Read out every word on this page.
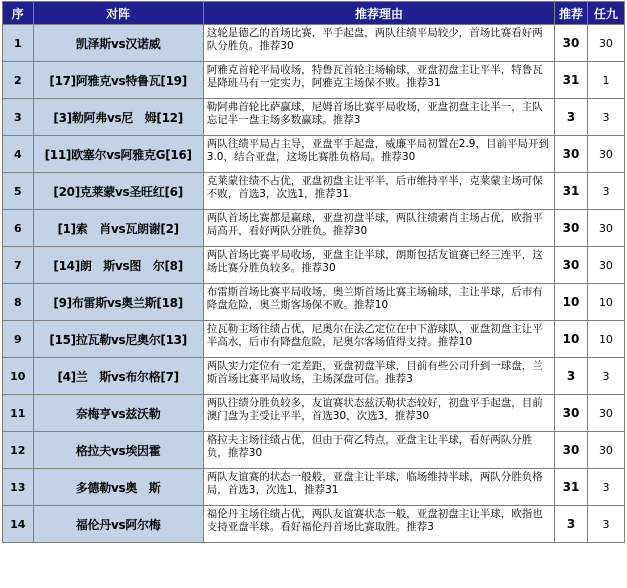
序	对阵	推荐理由	推荐	任九
1	凯泽斯vs汉诺威	这轮是德乙的首场比赛，平手起盘，两队往绩平局较少，首场比赛看好两队分胜负。推荐30	30	30
2	[17]阿雅克vs特鲁瓦[19]	阿雅克首轮平局收场，特鲁瓦首轮主场输球，亚盘初盘主让平半，特鲁瓦是降班马有一定实力，阿雅克主场保不败。推荐31	31	1
3	[3]勒阿弗vs尼　姆[12]	勒阿弗首轮比萨赢球，尼姆首场比赛平局收场，亚盘初盘主让半一，主队忘记半一盘主场多数赢球。推荐3	3	3
4	[11]欧塞尔vs阿雅克G[16]	两队往绩平局占主导，亚盘平手起盘，威廉平局初置在2.9，目前平局开到3.0，结合亚盘，这场比赛胜负格局。推荐30	30	30
5	[20]克莱蒙vs圣旺红[6]	克莱蒙往绩不占优，亚盘初盘主让平半，后市维持平半，克莱蒙主场可保不败，首选3，次选1，推荐31	31	3
6	[1]索　肖vs瓦朗谢[2]	两队首场比赛都是赢球，亚盘初盘半球，两队往绩索肖主场占优，欧指平局高开，看好两队分胜负。推荐30	30	30
7	[14]朗　斯vs图　尔[8]	两队首场比赛平局收场，亚盘主让半球，朗斯包括友谊赛已经三连平，这场比赛分胜负较多。推荐30	30	30
8	[9]布雷斯vs奥兰斯[18]	布雷斯首场比赛平局收场，奥兰斯首场比赛主场输球，主让半球，后市有降盘危险，奥兰斯客场保不败。推荐10	10	10
9	[15]拉瓦勒vs尼奥尔[13]	拉瓦勒主场往绩占优，尼奥尔在法乙定位在中下游球队，亚盘初盘主让平半高水，后市有降盘危险，尼奥尔客场值得支持。推荐10	10	10
10	[4]兰　斯vs布尔格[7]	两队实力定位有一定差距，亚盘初盘半球，目前有些公司升到一球盘，兰斯首场比赛平局收场，主场深盘可信。推荐3	3	3
11	奈梅亨vs兹沃勒	两队往绩分胜负较多，友谊赛状态兹沃勒状态较好，初盘平手起盘，目前澳门盘为主受让平半，首选30，次选3，推荐30	30	30
12	格拉夫vs埃因霍	格拉夫主场往绩占优，但由于荷乙特点，亚盘主让半球，看好两队分胜负，推荐30	30	30
13	多德勒vs奥　斯	两队友谊赛的状态一般般，亚盘主让半球，临场维持半球，两队分胜负格局，首选3，次选1，推荐31	31	3
14	福伦丹vs阿尔梅	福伦丹主场往绩占优，两队友谊赛状态一般，亚盘初盘主让半球，欧指也支持亚盘半球。看好福伦丹首场比赛取胜。推荐3	3	3
